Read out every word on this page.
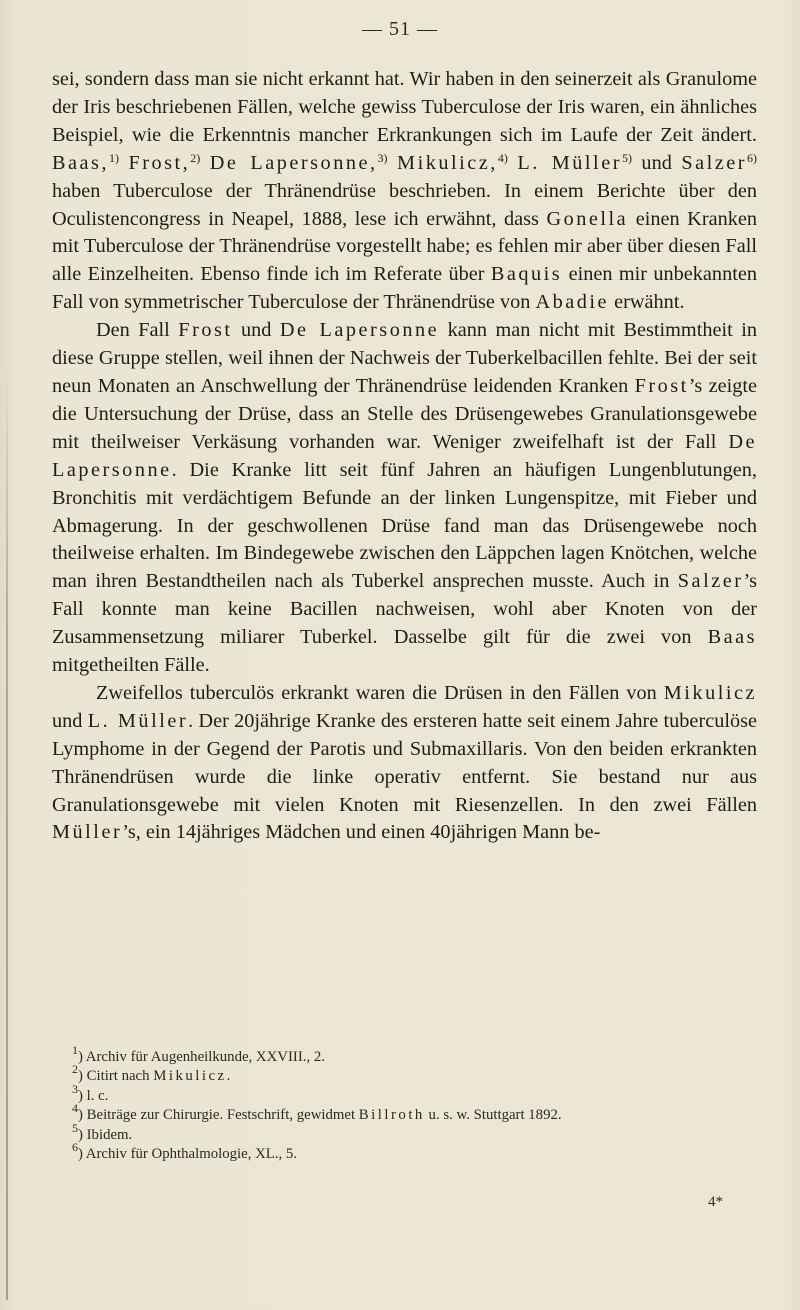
— 51 —

sei, sondern dass man sie nicht erkannt hat. Wir haben in den seinerzeit als Granulome der Iris beschriebenen Fällen, welche gewiss Tuberculose der Iris waren, ein ähnliches Beispiel, wie die Erkenntnis mancher Erkrankungen sich im Laufe der Zeit ändert. Baas,$^{1)}$ Frost,$^{2)}$ De Lapersonne,$^{3)}$ Mikulicz,$^{4)}$ L. Müller$^{5)}$ und Salzer$^{6)}$ haben Tuberculose der Thränendrüse beschrieben. In einem Berichte über den Oculistencongress in Neapel, 1888, lese ich erwähnt, dass Gonella einen Kranken mit Tuberculose der Thränendrüse vorgestellt habe; es fehlen mir aber über diesen Fall alle Einzelheiten. Ebenso finde ich im Referate über Baquis einen mir unbekannten Fall von symmetrischer Tuberculose der Thränendrüse von Abadie erwähnt.

Den Fall Frost und De Lapersonne kann man nicht mit Bestimmtheit in diese Gruppe stellen, weil ihnen der Nachweis der Tuberkelbacillen fehlte. Bei der seit neun Monaten an Anschwellung der Thränendrüse leidenden Kranken Frost’s zeigte die Untersuchung der Drüse, dass an Stelle des Drüsengewebes Granulationsgewebe mit theilweiser Verkäsung vorhanden war. Weniger zweifelhaft ist der Fall De Lapersonne. Die Kranke litt seit fünf Jahren an häufigen Lungenblutungen, Bronchitis mit verdächtigem Befunde an der linken Lungenspitze, mit Fieber und Abmagerung. In der geschwollenen Drüse fand man das Drüsengewebe noch theilweise erhalten. Im Bindegewebe zwischen den Läppchen lagen Knötchen, welche man ihren Bestandtheilen nach als Tuberkel ansprechen musste. Auch in Salzer’s Fall konnte man keine Bacillen nachweisen, wohl aber Knoten von der Zusammensetzung miliarer Tuberkel. Dasselbe gilt für die zwei von Baas mitgetheilten Fälle.

Zweifellos tuberculös erkrankt waren die Drüsen in den Fällen von Mikulicz und L. Müller. Der 20jährige Kranke des ersteren hatte seit einem Jahre tuberculöse Lymphome in der Gegend der Parotis und Submaxillaris. Von den beiden erkrankten Thränendrüsen wurde die linke operativ entfernt. Sie bestand nur aus Granulationsgewebe mit vielen Knoten mit Riesenzellen. In den zwei Fällen Müller’s, ein 14jähriges Mädchen und einen 40jährigen Mann be-

$^1$) Archiv für Augenheilkunde, XXVIII., 2.

$^2$) Citirt nach Mikulicz.

$^3$) l. c.

$^4$) Beiträge zur Chirurgie. Festschrift, gewidmet Billroth u. s. w. Stuttgart 1892.

$^5$) Ibidem.

$^6$) Archiv für Ophthalmologie, XL., 5.

4*
